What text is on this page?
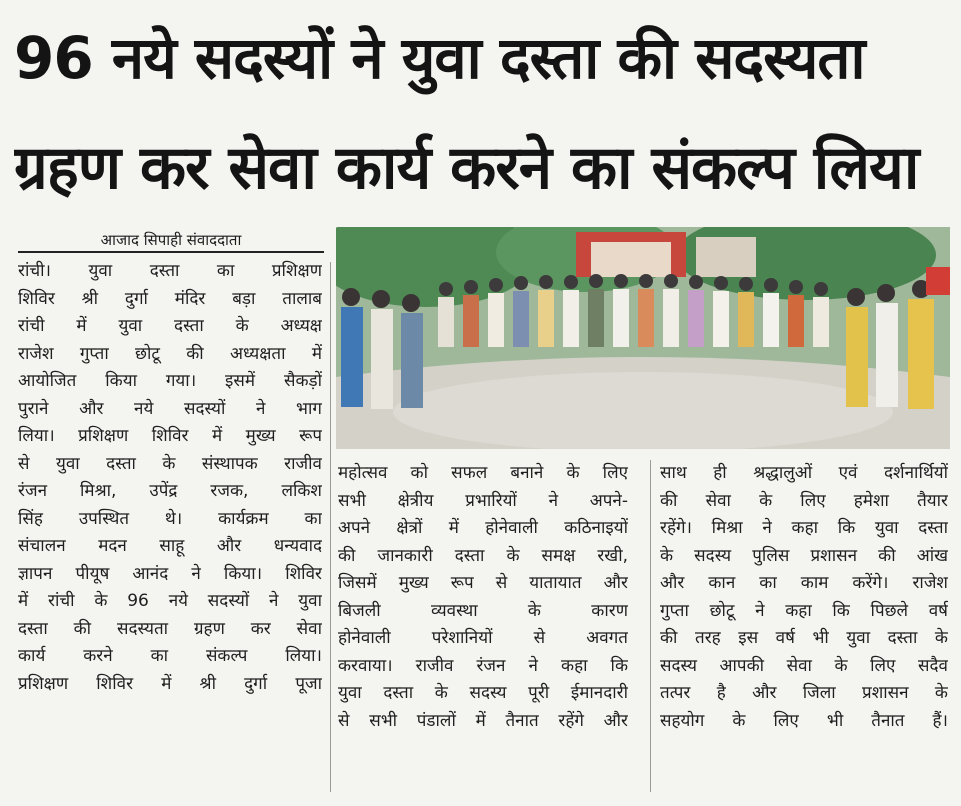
96 नये सदस्यों ने युवा दस्ता की सदस्यता
ग्रहण कर सेवा कार्य करने का संकल्प लिया
आजाद सिपाही संवाददाता
रांची। युवा दस्ता का प्रशिक्षण
शिविर श्री दुर्गा मंदिर बड़ा तालाब
रांची में युवा दस्ता के अध्यक्ष
राजेश गुप्ता छोटू की अध्यक्षता में
आयोजित किया गया। इसमें सैकड़ों
पुराने और नये सदस्यों ने भाग
लिया। प्रशिक्षण शिविर में मुख्य रूप
से युवा दस्ता के संस्थापक राजीव
रंजन मिश्रा, उपेंद्र रजक, लकिश
सिंह उपस्थित थे। कार्यक्रम का
संचालन मदन साहू और धन्यवाद
ज्ञापन पीयूष आनंद ने किया। शिविर
में रांची के 96 नये सदस्यों ने युवा
दस्ता की सदस्यता ग्रहण कर सेवा
कार्य करने का संकल्प लिया।
प्रशिक्षण शिविर में श्री दुर्गा पूजा
महोत्सव को सफल बनाने के लिए
सभी क्षेत्रीय प्रभारियों ने अपने-
अपने क्षेत्रों में होनेवाली कठिनाइयों
की जानकारी दस्ता के समक्ष रखी,
जिसमें मुख्य रूप से यातायात और
बिजली व्यवस्था के कारण
होनेवाली परेशानियों से अवगत
करवाया। राजीव रंजन ने कहा कि
युवा दस्ता के सदस्य पूरी ईमानदारी
से सभी पंडालों में तैनात रहेंगे और
साथ ही श्रद्धालुओं एवं दर्शनार्थियों
की सेवा के लिए हमेशा तैयार
रहेंगे। मिश्रा ने कहा कि युवा दस्ता
के सदस्य पुलिस प्रशासन की आंख
और कान का काम करेंगे। राजेश
गुप्ता छोटू ने कहा कि पिछले वर्ष
की तरह इस वर्ष भी युवा दस्ता के
सदस्य आपकी सेवा के लिए सदैव
तत्पर है और जिला प्रशासन के
सहयोग के लिए भी तैनात हैं।
